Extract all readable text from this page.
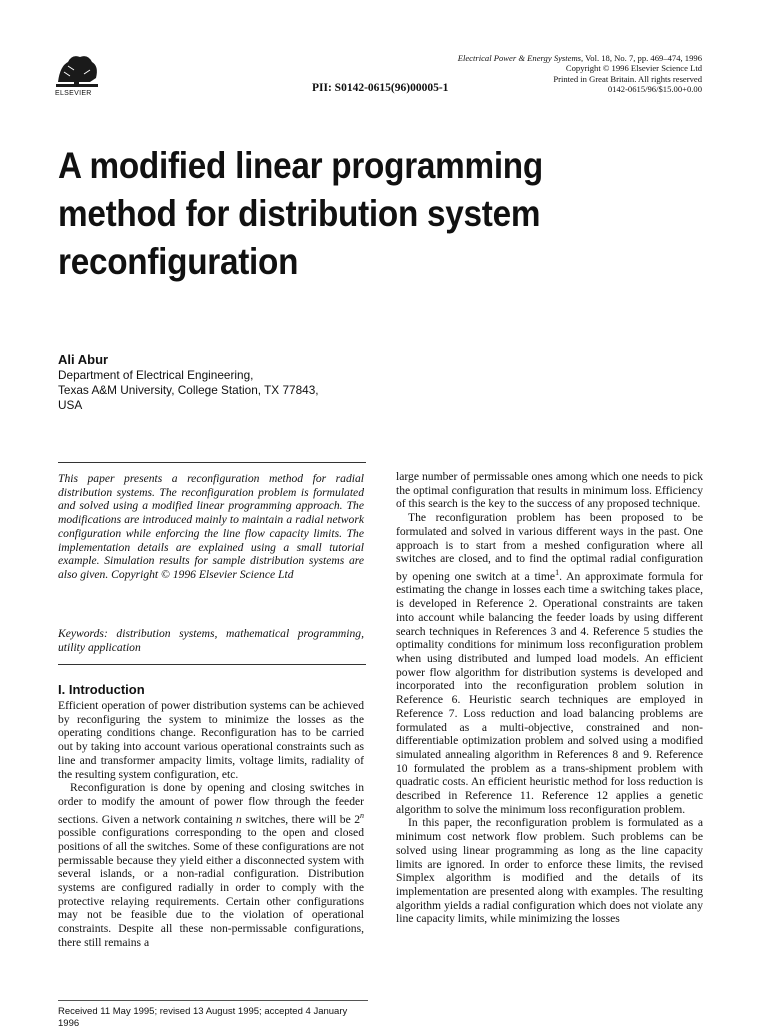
ELSEVIER	PII: S0142-0615(96)00005-1
Electrical Power & Energy Systems, Vol. 18, No. 7, pp. 469–474, 1996
Copyright © 1996 Elsevier Science Ltd
Printed in Great Britain. All rights reserved
0142-0615/96/$15.00+0.00
A modified linear programming method for distribution system reconfiguration
Ali Abur
Department of Electrical Engineering,
Texas A&M University, College Station, TX 77843,
USA

This paper presents a reconfiguration method for radial distribution systems. The reconfiguration problem is formulated and solved using a modified linear programming approach. The modifications are introduced mainly to maintain a radial network configuration while enforcing the line flow capacity limits. The implementation details are explained using a small tutorial example. Simulation results for sample distribution systems are also given. Copyright © 1996 Elsevier Science Ltd

Keywords: distribution systems, mathematical programming, utility application

I. Introduction

Efficient operation of power distribution systems can be achieved by reconfiguring the system to minimize the losses as the operating conditions change. Reconfiguration has to be carried out by taking into account various operational constraints such as line and transformer ampacity limits, voltage limits, radiality of the resulting system configuration, etc.

Reconfiguration is done by opening and closing switches in order to modify the amount of power flow through the feeder sections. Given a network containing n switches, there will be 2$^n$ possible configurations corresponding to the open and closed positions of all the switches. Some of these configurations are not permissable because they yield either a disconnected system with several islands, or a non-radial configuration. Distribution systems are configured radially in order to comply with the protective relaying requirements. Certain other configurations may not be feasible due to the violation of operational constraints. Despite all these non-permissable configurations, there still remains a

Received 11 May 1995; revised 13 August 1995; accepted 4 January 1996

large number of permissable ones among which one needs to pick the optimal configuration that results in minimum loss. Efficiency of this search is the key to the success of any proposed technique.

The reconfiguration problem has been proposed to be formulated and solved in various different ways in the past. One approach is to start from a meshed configuration where all switches are closed, and to find the optimal radial configuration by opening one switch at a time$^1$. An approximate formula for estimating the change in losses each time a switching takes place, is developed in Reference 2. Operational constraints are taken into account while balancing the feeder loads by using different search techniques in References 3 and 4. Reference 5 studies the optimality conditions for minimum loss reconfiguration problem when using distributed and lumped load models. An efficient power flow algorithm for distribution systems is developed and incorporated into the reconfiguration problem solution in Reference 6. Heuristic search techniques are employed in Reference 7. Loss reduction and load balancing problems are formulated as a multi-objective, constrained and non-differentiable optimization problem and solved using a modified simulated annealing algorithm in References 8 and 9. Reference 10 formulated the problem as a trans-shipment problem with quadratic costs. An efficient heuristic method for loss reduction is described in Reference 11. Reference 12 applies a genetic algorithm to solve the minimum loss reconfiguration problem.

In this paper, the reconfiguration problem is formulated as a minimum cost network flow problem. Such problems can be solved using linear programming as long as the line capacity limits are ignored. In order to enforce these limits, the revised Simplex algorithm is modified and the details of its implementation are presented along with examples. The resulting algorithm yields a radial configuration which does not violate any line capacity limits, while minimizing the losses
